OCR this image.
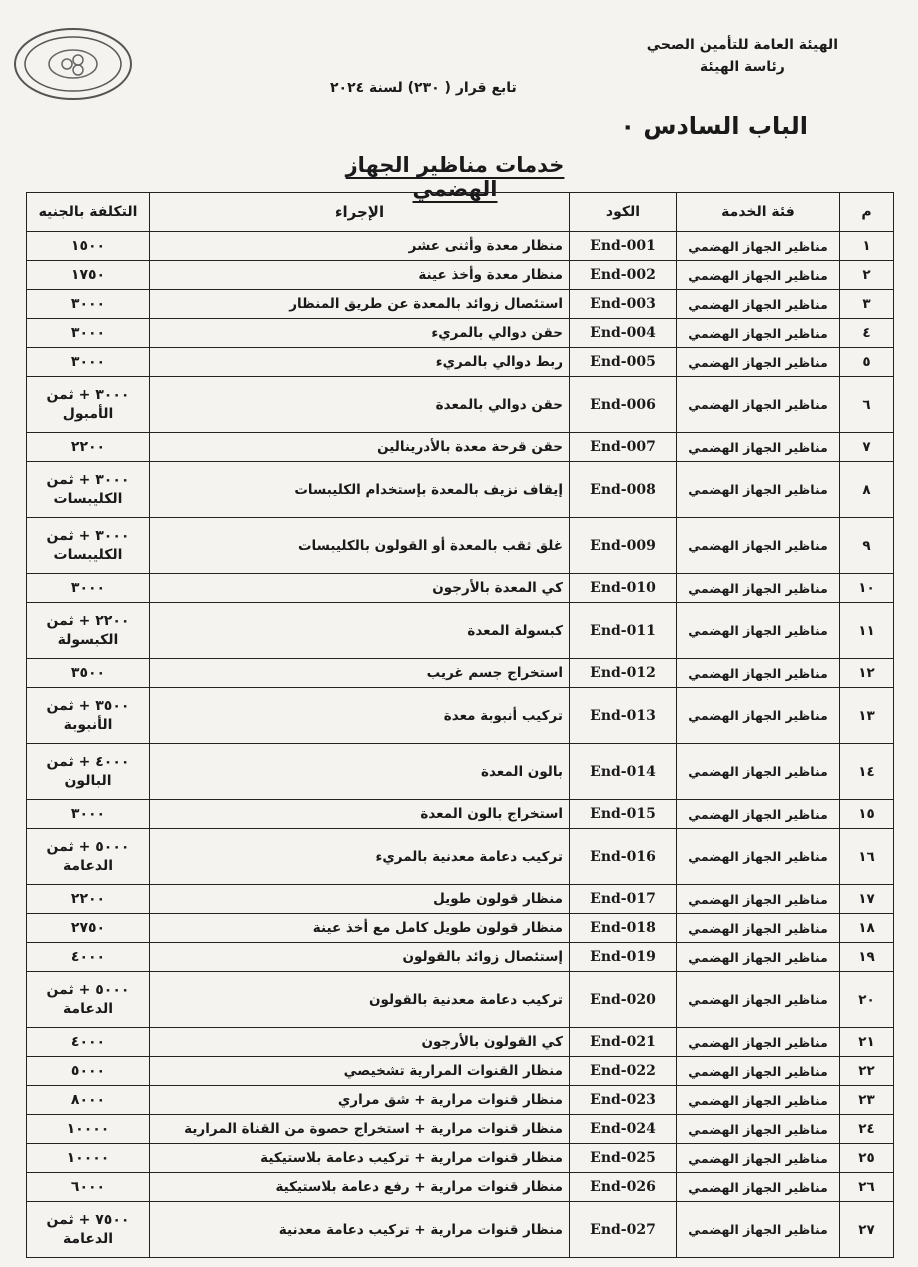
الهيئة العامة للتأمين الصحي
رئاسة الهيئة
تابع قرار ( ٢٣٠) لسنة ٢٠٢٤
الباب السادس ٠
خدمات مناظير الجهاز الهضمي
م	فئة الخدمة	الكود	الإجراء	التكلفة بالجنيه
١	مناظير الجهاز الهضمي	End-001	منظار معدة وأثنى عشر	١٥٠٠
٢	مناظير الجهاز الهضمي	End-002	منظار معدة وأخذ عينة	١٧٥٠
٣	مناظير الجهاز الهضمي	End-003	استئصال زوائد بالمعدة عن طريق المنظار	٣٠٠٠
٤	مناظير الجهاز الهضمي	End-004	حقن دوالي بالمريء	٣٠٠٠
٥	مناظير الجهاز الهضمي	End-005	ربط دوالي بالمريء	٣٠٠٠
٦	مناظير الجهاز الهضمي	End-006	حقن دوالي بالمعدة	٣٠٠٠ + ثمن الأمبول
٧	مناظير الجهاز الهضمي	End-007	حقن قرحة معدة بالأدرينالين	٢٢٠٠
٨	مناظير الجهاز الهضمي	End-008	إيقاف نزيف بالمعدة بإستخدام الكليبسات	٣٠٠٠ + ثمن الكليبسات
٩	مناظير الجهاز الهضمي	End-009	غلق ثقب بالمعدة أو القولون بالكليبسات	٣٠٠٠ + ثمن الكليبسات
١٠	مناظير الجهاز الهضمي	End-010	كي المعدة بالأرجون	٣٠٠٠
١١	مناظير الجهاز الهضمي	End-011	كبسولة المعدة	٢٢٠٠ + ثمن الكبسولة
١٢	مناظير الجهاز الهضمي	End-012	استخراج جسم غريب	٣٥٠٠
١٣	مناظير الجهاز الهضمي	End-013	تركيب أنبوبة معدة	٣٥٠٠ + ثمن الأنبوبة
١٤	مناظير الجهاز الهضمي	End-014	بالون المعدة	٤٠٠٠ + ثمن البالون
١٥	مناظير الجهاز الهضمي	End-015	استخراج بالون المعدة	٣٠٠٠
١٦	مناظير الجهاز الهضمي	End-016	تركيب دعامة معدنية بالمريء	٥٠٠٠ + ثمن الدعامة
١٧	مناظير الجهاز الهضمي	End-017	منظار قولون طويل	٢٢٠٠
١٨	مناظير الجهاز الهضمي	End-018	منظار قولون طويل كامل مع أخذ عينة	٢٧٥٠
١٩	مناظير الجهاز الهضمي	End-019	إستئصال زوائد بالقولون	٤٠٠٠
٢٠	مناظير الجهاز الهضمي	End-020	تركيب دعامة معدنية بالقولون	٥٠٠٠ + ثمن الدعامة
٢١	مناظير الجهاز الهضمي	End-021	كي القولون بالأرجون	٤٠٠٠
٢٢	مناظير الجهاز الهضمي	End-022	منظار القنوات المرارية تشخيصي	٥٠٠٠
٢٣	مناظير الجهاز الهضمي	End-023	منظار قنوات مرارية + شق مراري	٨٠٠٠
٢٤	مناظير الجهاز الهضمي	End-024	منظار قنوات مرارية + استخراج حصوة من القناة المرارية	١٠٠٠٠
٢٥	مناظير الجهاز الهضمي	End-025	منظار قنوات مرارية + تركيب دعامة بلاستيكية	١٠٠٠٠
٢٦	مناظير الجهاز الهضمي	End-026	منظار قنوات مرارية + رفع دعامة بلاستيكية	٦٠٠٠
٢٧	مناظير الجهاز الهضمي	End-027	منظار قنوات مرارية + تركيب دعامة معدنية	٧٥٠٠ + ثمن الدعامة
